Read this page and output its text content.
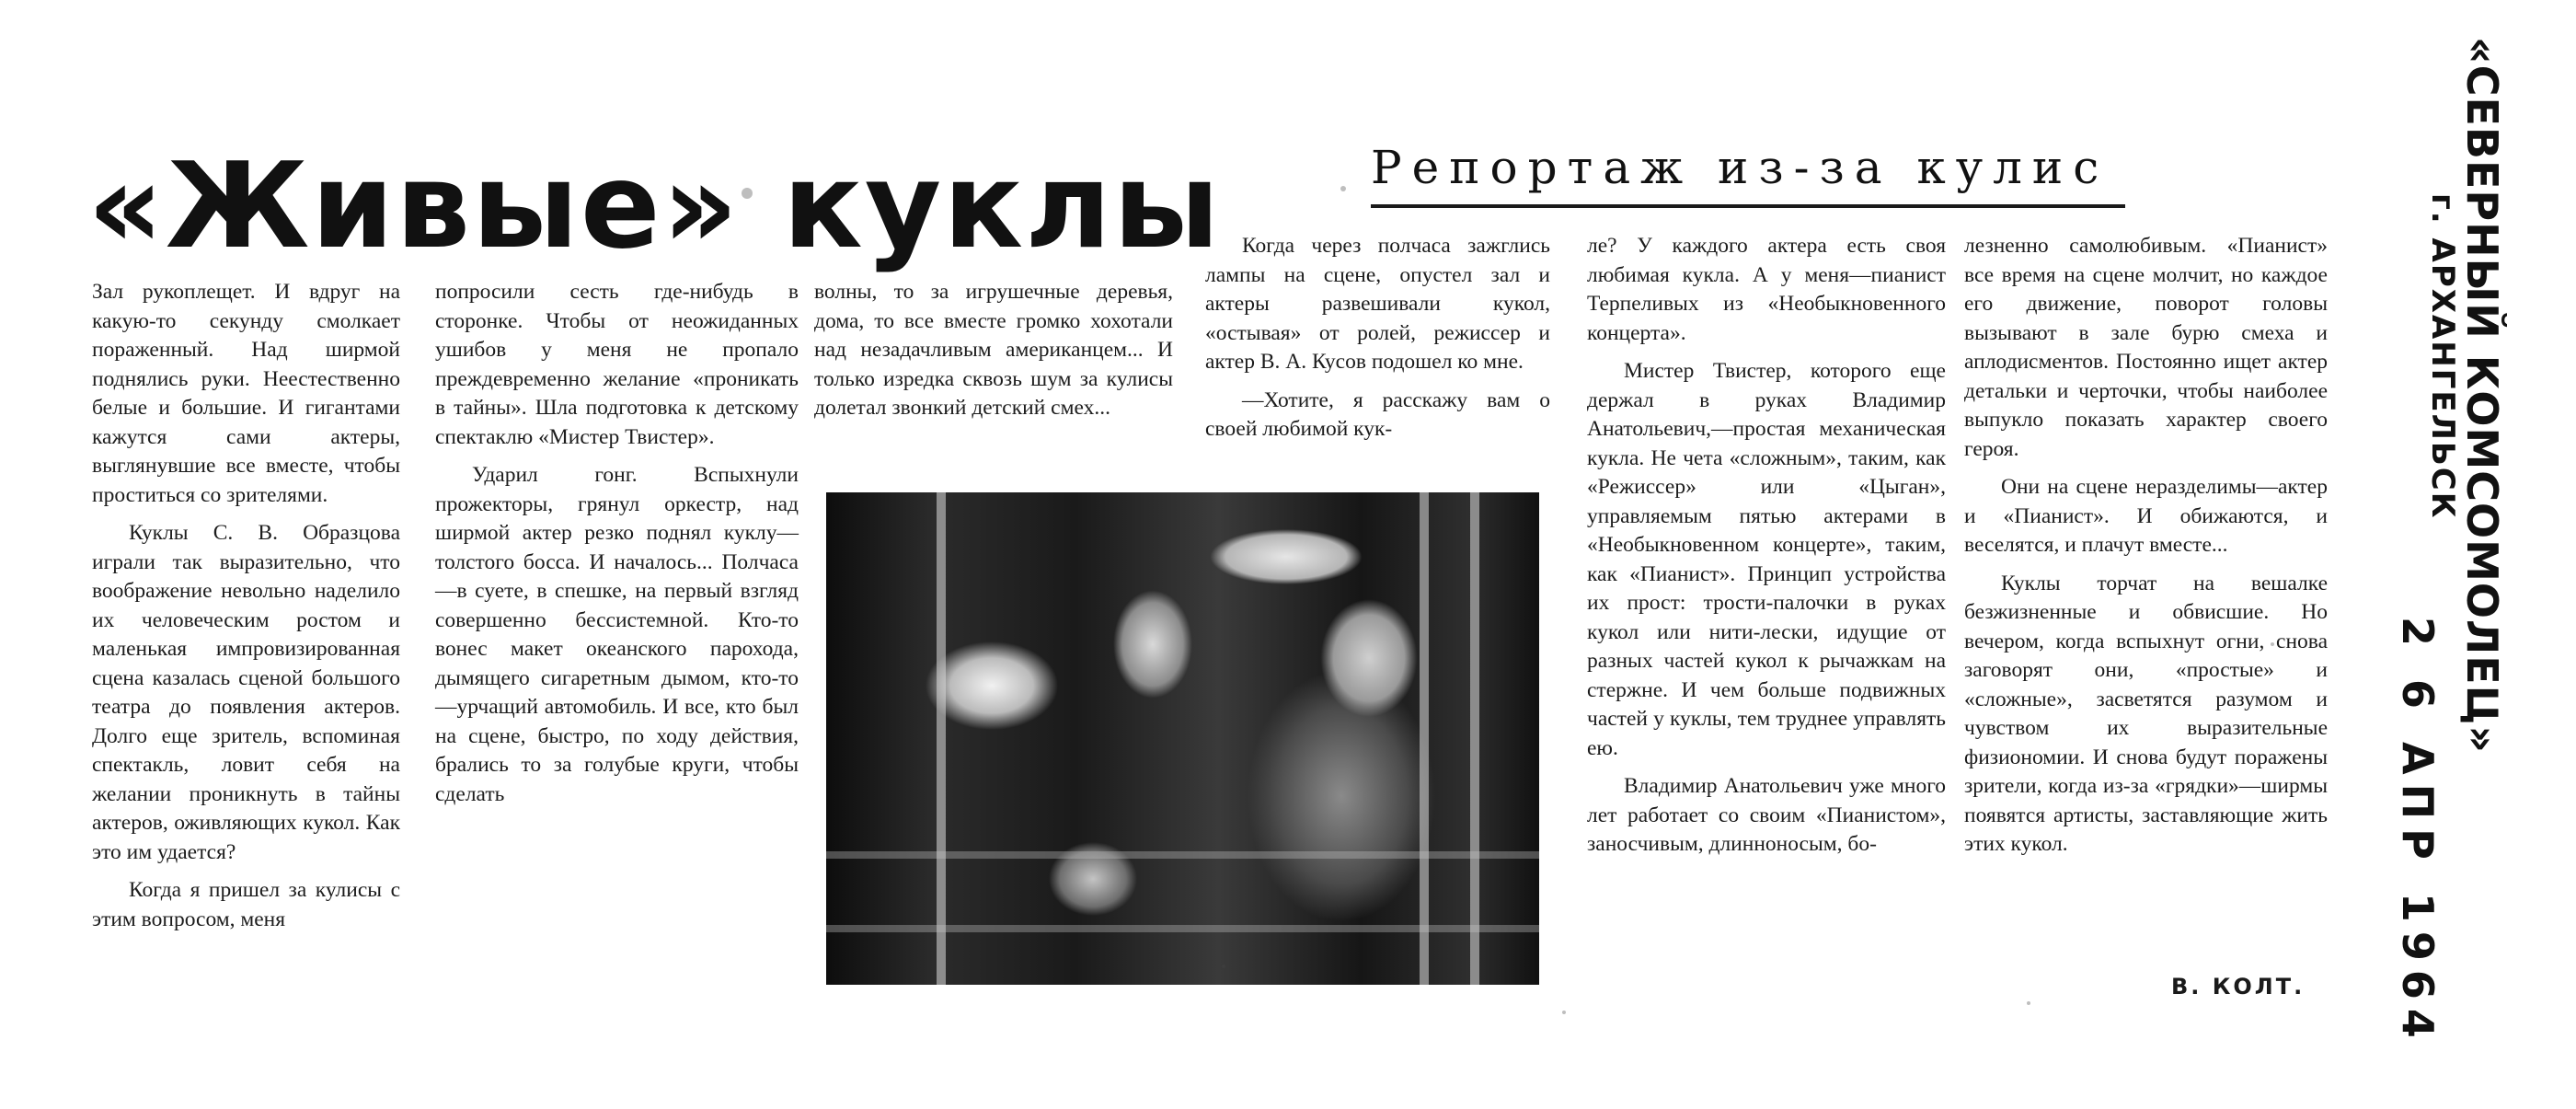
«Живые» куклы	Репортаж из-за кулис

Зал рукоплещет. И вдруг на какую-то секунду смолкает пораженный. Над ширмой поднялись руки. Неестественно белые и большие. И гигантами кажутся сами актеры, выглянувшие все вместе, чтобы проститься со зрителями.

Куклы С. В. Образцова играли так выразительно, что воображение невольно наделило их человеческим ростом и маленькая импровизированная сцена казалась сценой большого театра до появления актеров. Долго еще зритель, вспоминая спектакль, ловит себя на желании проникнуть в тайны актеров, оживляющих кукол. Как это им удается?

Когда я пришел за кулисы с этим вопросом, меня

попросили сесть где-нибудь в сторонке. Чтобы от неожиданных ушибов у меня не пропало преждевременно желание «проникать в тайны». Шла подготовка к детскому спектаклю «Мистер Твистер».

Ударил гонг. Вспыхнули прожекторы, грянул оркестр, над ширмой актер резко поднял куклу—толстого босса. И началось... Полчаса—в суете, в спешке, на первый взгляд совершенно бессистемной. Кто-то вонес макет океанского парохода, дымящего сигаретным дымом, кто-то—урчащий автомобиль. И все, кто был на сцене, быстро, по ходу действия, брались то за голубые круги, чтобы сделать

волны, то за игрушечные деревья, дома, то все вместе громко хохотали над незадачливым американцем... И только изредка сквозь шум за кулисы долетал звонкий детский смех...

Когда через полчаса зажглись лампы на сцене, опустел зал и актеры развешивали кукол, «остывая» от ролей, режиссер и актер В. А. Кусов подошел ко мне.

—Хотите, я расскажу вам о своей любимой кук-

ле? У каждого актера есть своя любимая кукла. А у меня—пианист Терпеливых из «Необыкновенного концерта».

Мистер Твистер, которого еще держал в руках Владимир Анатольевич,—простая механическая кукла. Не чета «сложным», таким, как «Режиссер» или «Цыган», управляемым пятью актерами в «Необыкновенном концерте», таким, как «Пианист». Принцип устройства их прост: трости-палочки в руках кукол или нити-лески, идущие от разных частей кукол к рычажкам на стержне. И чем больше подвижных частей у куклы, тем труднее управлять ею.

Владимир Анатольевич уже много лет работает со своим «Пианистом», заносчивым, длинноносым, бо-

лезненно самолюбивым. «Пианист» все время на сцене молчит, но каждое его движение, поворот головы вызывают в зале бурю смеха и аплодисментов. Постоянно ищет актер детальки и черточки, чтобы наиболее выпукло показать характер своего героя.

Они на сцене неразделимы—актер и «Пианист». И обижаются, и веселятся, и плачут вместе...

Куклы торчат на вешалке безжизненные и обвисшие. Но вечером, когда вспыхнут огни, снова заговорят они, «простые» и «сложные», засветятся разумом и чувством их выразительные физиономии. И снова будут поражены зрители, когда из-за «грядки»—ширмы появятся артисты, заставляющие жить этих кукол.

В. КОЛТ.
«СЕВЕРНЫЙ КОМСОМОЛЕЦ»
г. АРХАНГЕЛЬСК
2 6 АПР 1964
